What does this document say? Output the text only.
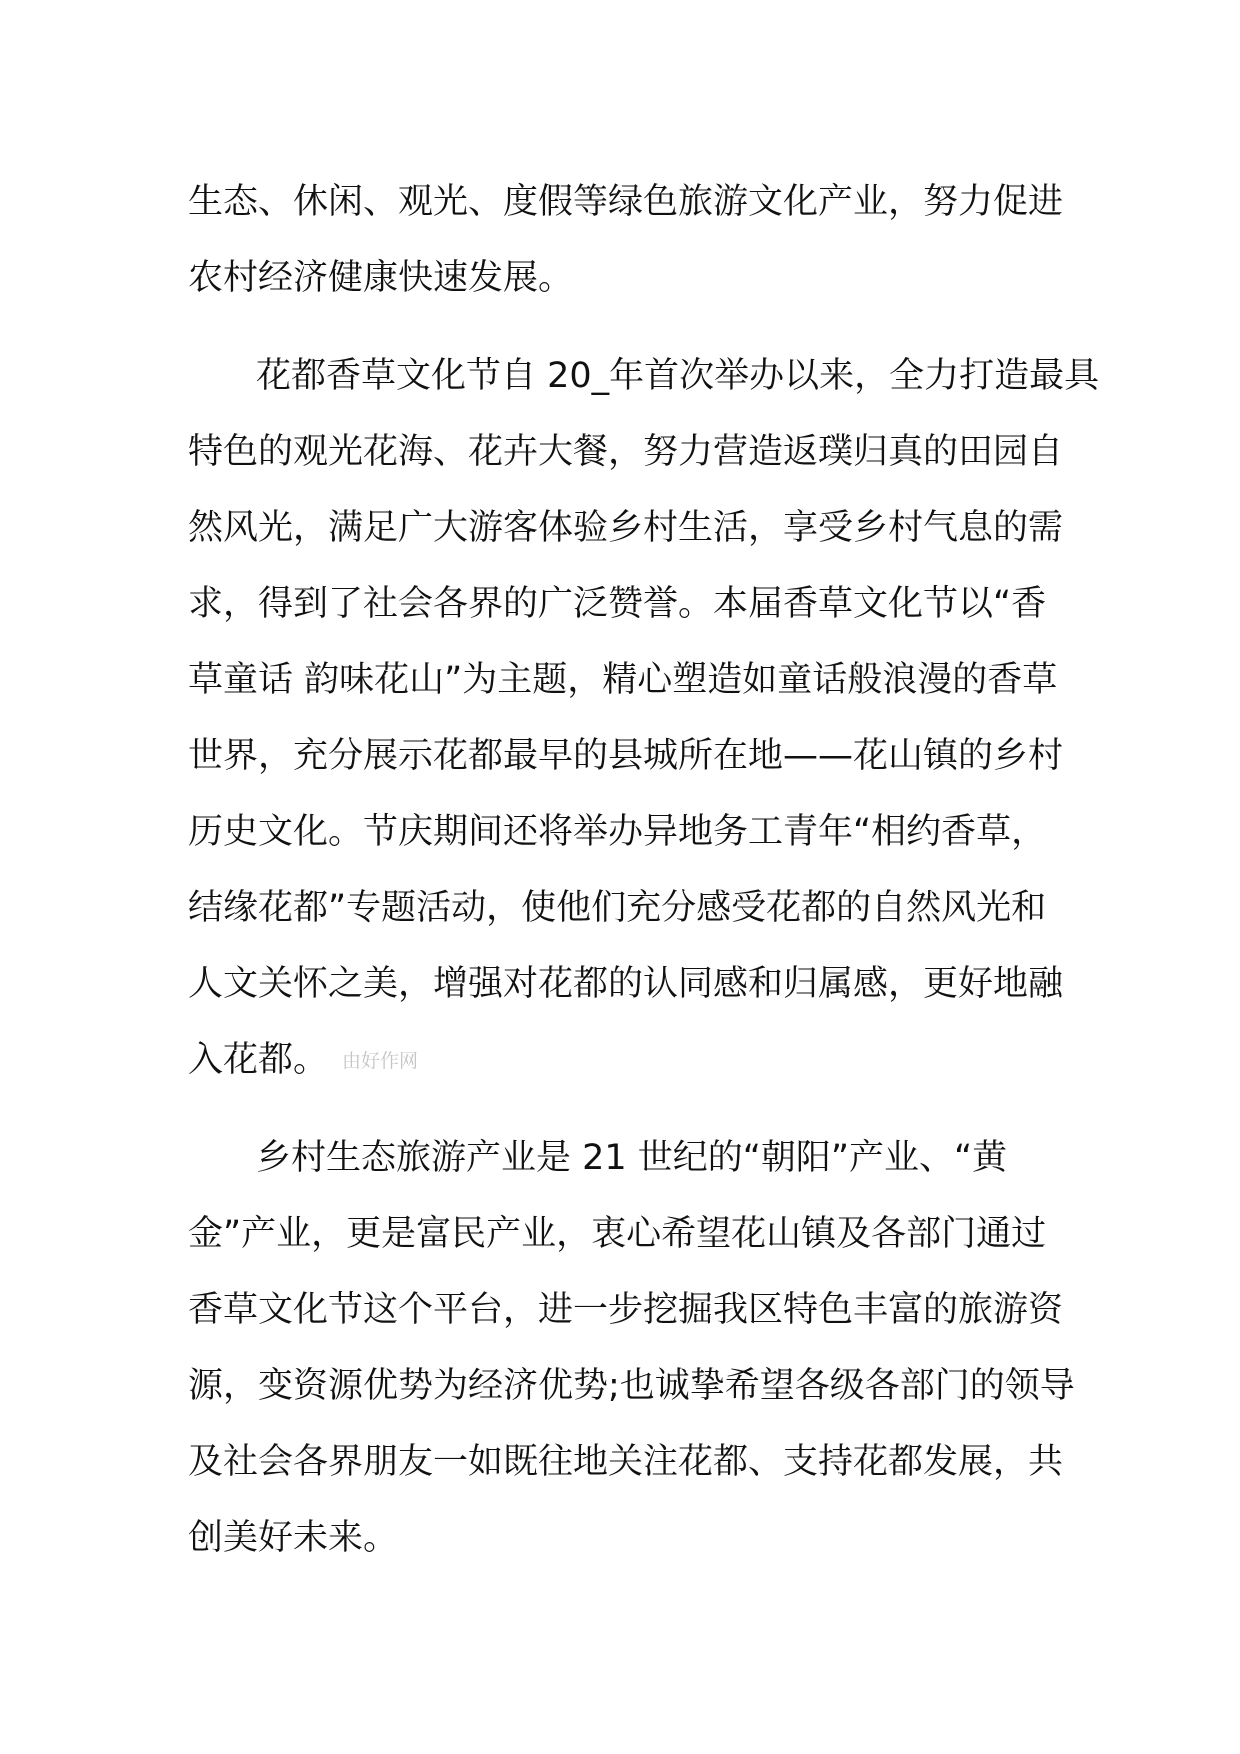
生态、休闲、观光、度假等绿色旅游文化产业，努力促进
农村经济健康快速发展。
花都香草文化节自 20_年首次举办以来，全力打造最具
特色的观光花海、花卉大餐，努力营造返璞归真的田园自
然风光，满足广大游客体验乡村生活，享受乡村气息的需
求，得到了社会各界的广泛赞誉。本届香草文化节以“香
草童话 韵味花山”为主题，精心塑造如童话般浪漫的香草
世界，充分展示花都最早的县城所在地——花山镇的乡村
历史文化。节庆期间还将举办异地务工青年“相约香草，
结缘花都”专题活动，使他们充分感受花都的自然风光和
人文关怀之美，增强对花都的认同感和归属感，更好地融
入花都。 由好作网
乡村生态旅游产业是 21 世纪的“朝阳”产业、“黄
金”产业，更是富民产业，衷心希望花山镇及各部门通过
香草文化节这个平台，进一步挖掘我区特色丰富的旅游资
源，变资源优势为经济优势;也诚挚希望各级各部门的领导
及社会各界朋友一如既往地关注花都、支持花都发展，共
创美好未来。
